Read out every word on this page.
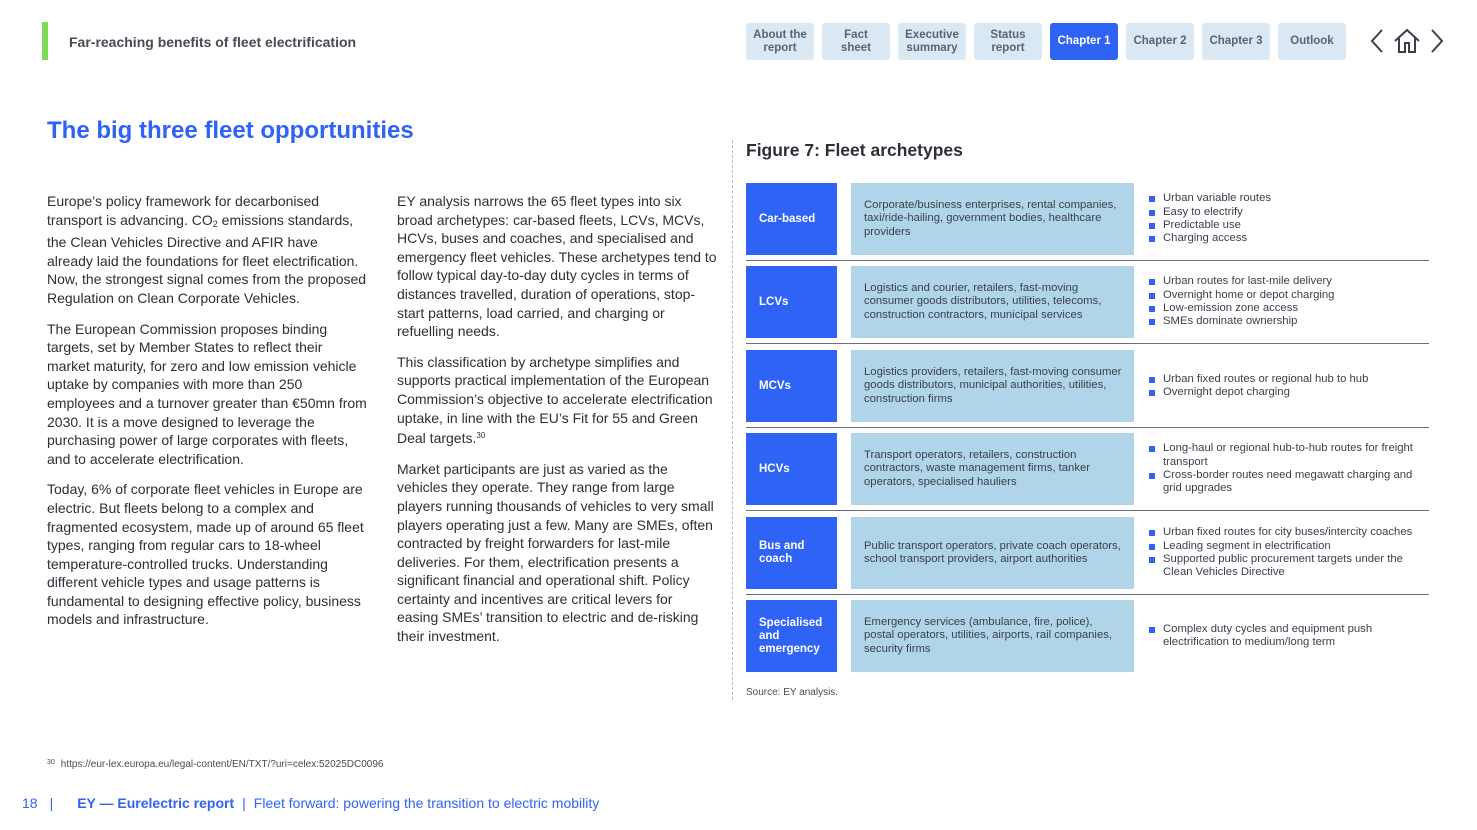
Far-reaching benefits of fleet electrification	About the
report
Fact
sheet
Executive
summary
Status
report
Chapter 1 Chapter 2 Chapter 3 Outlook
The big three fleet opportunities

Europe’s policy framework for decarbonised transport is advancing. $CO_2$ emissions standards, the Clean Vehicles Directive and AFIR have already laid the foundations for fleet electrification. Now, the strongest signal comes from the proposed Regulation on Clean Corporate Vehicles.

The European Commission proposes binding targets, set by Member States to reflect their market maturity, for zero and low emission vehicle uptake by companies with more than 250 employees and a turnover greater than €50mn from 2030. It is a move designed to leverage the purchasing power of large corporates with fleets, and to accelerate electrification.

Today, 6% of corporate fleet vehicles in Europe are electric. But fleets belong to a complex and fragmented ecosystem, made up of around 65 fleet types, ranging from regular cars to 18-wheel temperature-controlled trucks. Understanding different vehicle types and usage patterns is fundamental to designing effective policy, business models and infrastructure.

EY analysis narrows the 65 fleet types into six broad archetypes: car-based fleets, LCVs, MCVs, HCVs, buses and coaches, and specialised and emergency fleet vehicles. These archetypes tend to follow typical day-to-day duty cycles in terms of distances travelled, duration of operations, stop-start patterns, load carried, and charging or refuelling needs.

This classification by archetype simplifies and supports practical implementation of the European Commission’s objective to accelerate electrification uptake, in line with the EU’s Fit for 55 and Green Deal targets.$^{30}$

Market participants are just as varied as the vehicles they operate. They range from large players running thousands of vehicles to very small players operating just a few. Many are SMEs, often contracted by freight forwarders for last-mile deliveries. For them, electrification presents a significant financial and operational shift. Policy certainty and incentives are critical levers for easing SMEs’ transition to electric and de-risking their investment.

Figure 7: Fleet archetypes
Car-based
Corporate/business enterprises, rental companies, taxi/ride-hailing, government bodies, healthcare providers
Urban variable routes
Easy to electrify
Predictable use
Charging access
LCVs
Logistics and courier, retailers, fast-moving consumer goods distributors, utilities, telecoms, construction contractors, municipal services
Urban routes for last-mile delivery
Overnight home or depot charging
Low-emission zone access
SMEs dominate ownership
MCVs
Logistics providers, retailers, fast-moving consumer goods distributors, municipal authorities, utilities, construction firms
Urban fixed routes or regional hub to hub
Overnight depot charging
HCVs
Transport operators, retailers, construction contractors, waste management firms, tanker operators, specialised hauliers
Long-haul or regional hub-to-hub routes for freight transport
Cross-border routes need megawatt charging and grid upgrades
Bus and coach
Public transport operators, private coach operators, school transport providers, airport authorities
Urban fixed routes for city buses/intercity coaches
Leading segment in electrification
Supported public procurement targets under the Clean Vehicles Directive
Specialised and emergency
Emergency services (ambulance, fire, police), postal operators, utilities, airports, rail companies, security firms
Complex duty cycles and equipment push electrification to medium/long term
Source: EY analysis.
$^{30}$ https://eur-lex.europa.eu/legal-content/EN/TXT/?uri=celex:52025DC0096
18 | EY — Eurelectric report | Fleet forward: powering the transition to electric mobility
